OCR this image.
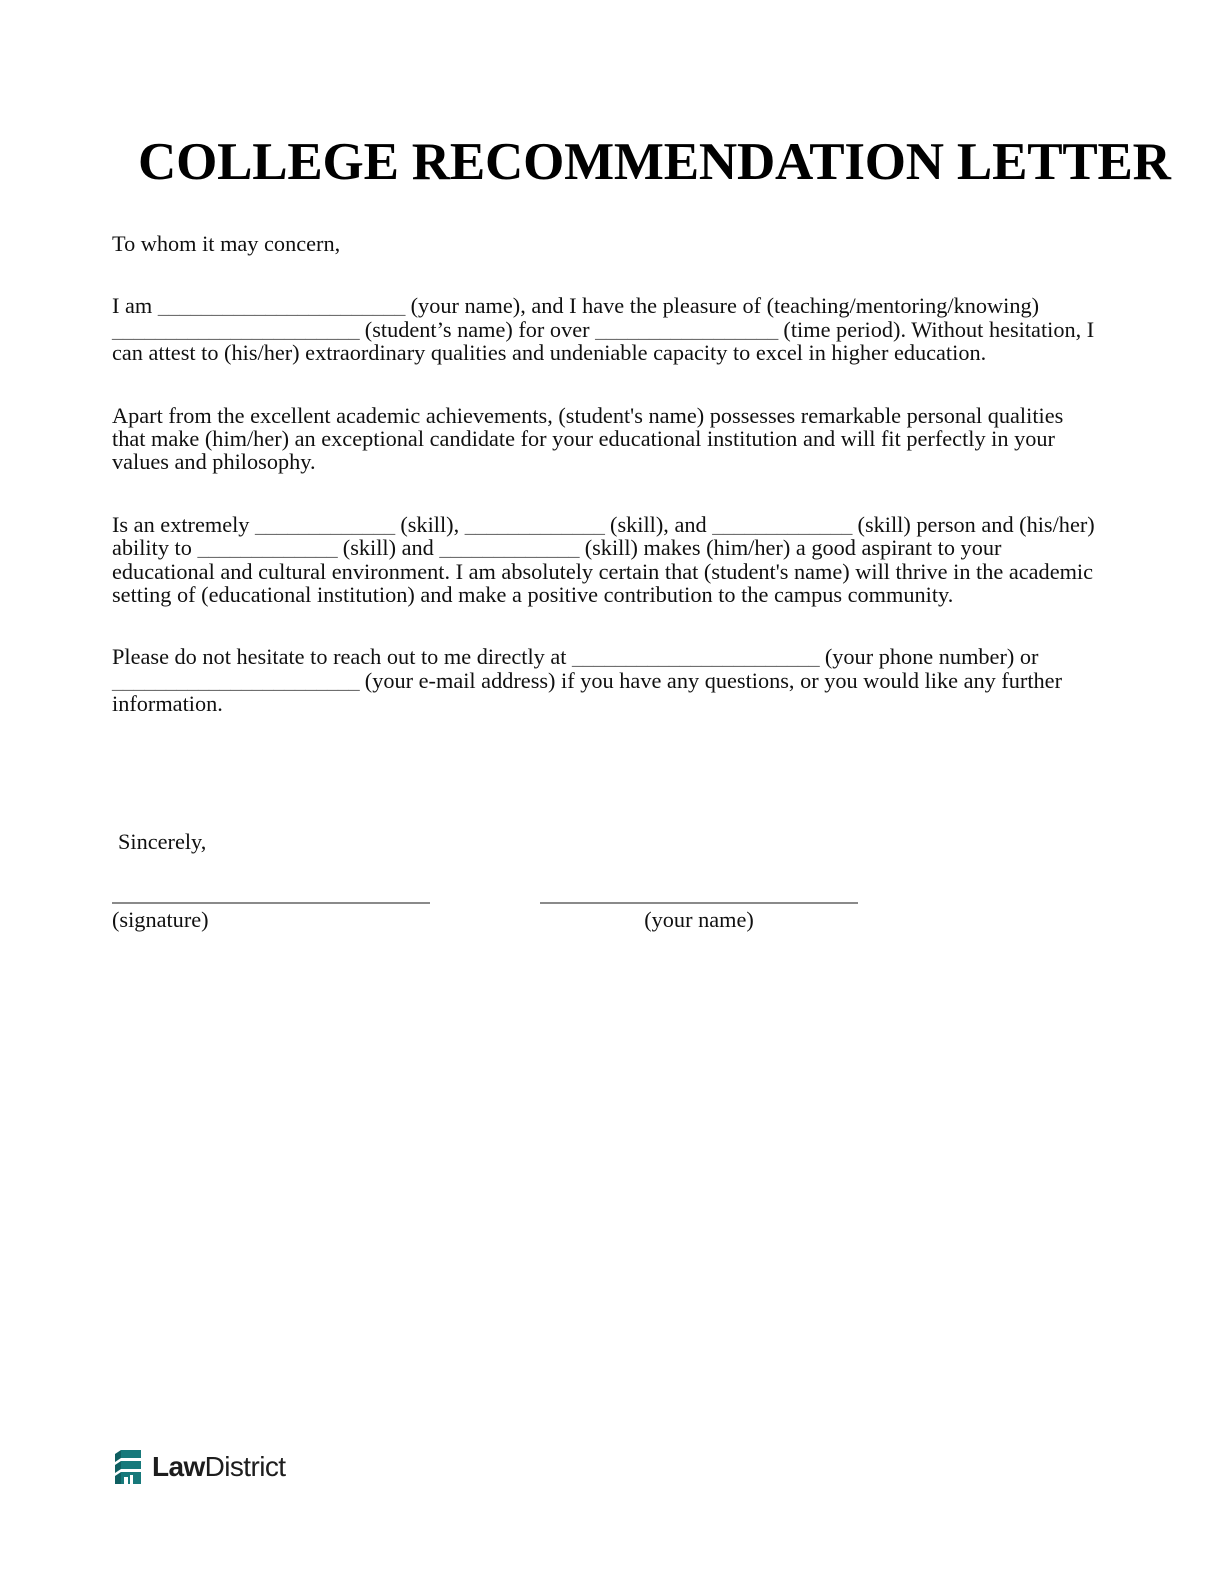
COLLEGE RECOMMENDATION LETTER

To whom it may concern,

I am _______________________ (your name), and I have the pleasure of (teaching/mentoring/knowing) _______________________ (student’s name) for over _________________ (time period). Without hesitation, I can attest to (his/her) extraordinary qualities and undeniable capacity to excel in higher education.

Apart from the excellent academic achievements, (student's name) possesses remarkable personal qualities that make (him/her) an exceptional candidate for your educational institution and will fit perfectly in your values and philosophy.

Is an extremely _____________ (skill), _____________ (skill), and _____________ (skill) person and (his/her) ability to _____________ (skill) and _____________ (skill) makes (him/her) a good aspirant to your educational and cultural environment. I am absolutely certain that (student's name) will thrive in the academic setting of (educational institution) and make a positive contribution to the campus community.

Please do not hesitate to reach out to me directly at _______________________ (your phone number) or _______________________ (your e-mail address) if you have any questions, or you would like any further information.

Sincerely,
(signature)	(your name)
LawDistrict
